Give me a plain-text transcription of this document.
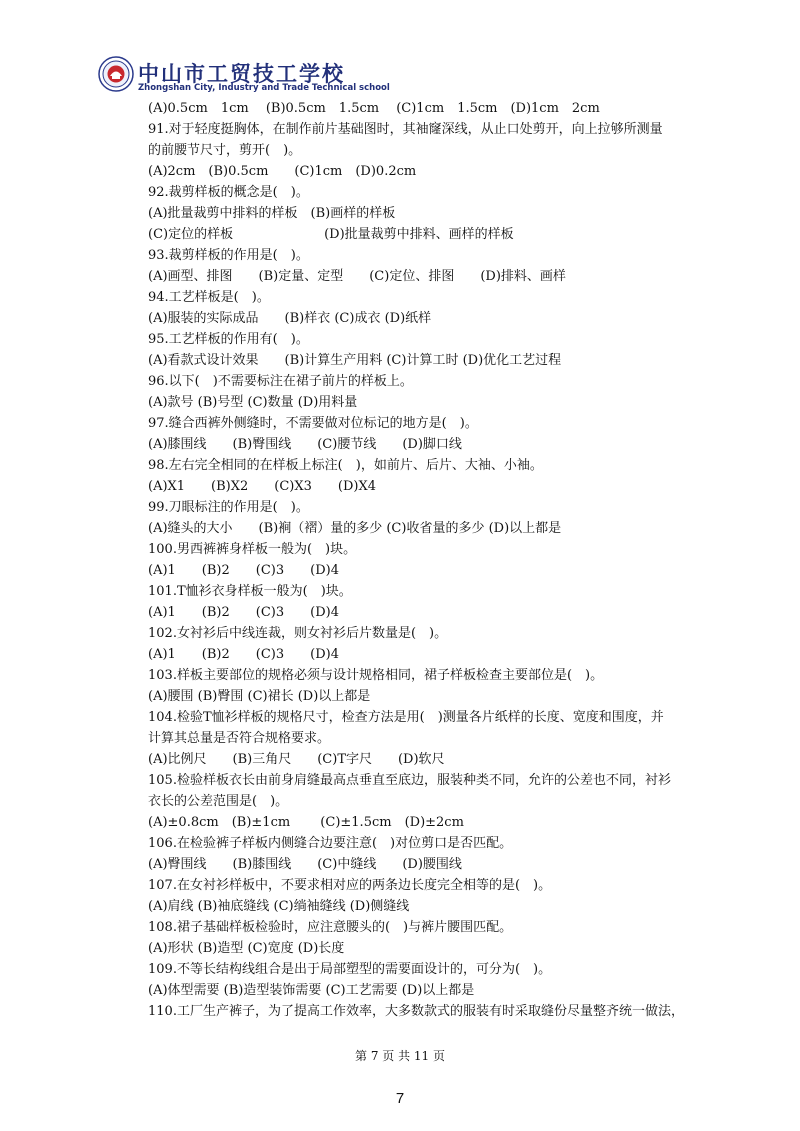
中山市工贸技工学校
Zhongshan City, Industry and Trade Technical school
(A)0.5cm　1cm　 (B)0.5cm　1.5cm　 (C)1cm　1.5cm　(D)1cm　2cm
91.对于轻度挺胸体，在制作前片基础图时，其袖窿深线，从止口处剪开，向上拉够所测量
的前腰节尺寸，剪开(　)。
(A)2cm　(B)0.5cm　　(C)1cm　(D)0.2cm
92.裁剪样板的概念是(　)。
(A)批量裁剪中排料的样板　(B)画样的样板
(C)定位的样板　　　　　　　(D)批量裁剪中排料、画样的样板
93.裁剪样板的作用是(　)。
(A)画型、排图　　(B)定量、定型　　(C)定位、排图　　(D)排料、画样
94.工艺样板是(　)。
(A)服装的实际成品　　(B)样衣 (C)成衣 (D)纸样
95.工艺样板的作用有(　)。
(A)看款式设计效果　　(B)计算生产用料 (C)计算工时 (D)优化工艺过程
96.以下(　)不需要标注在裙子前片的样板上。
(A)款号 (B)号型 (C)数量 (D)用料量
97.缝合西裤外侧缝时，不需要做对位标记的地方是(　)。
(A)膝围线　　(B)臀围线　　(C)腰节线　　(D)脚口线
98.左右完全相同的在样板上标注(　)，如前片、后片、大袖、小袖。
(A)X1　　(B)X2　　(C)X3　　(D)X4
99.刀眼标注的作用是(　)。
(A)缝头的大小　　(B)裥（褶）量的多少 (C)收省量的多少 (D)以上都是
100.男西裤裤身样板一般为(　)块。
(A)1　　(B)2　　(C)3　　(D)4
101.T恤衫衣身样板一般为(　)块。
(A)1　　(B)2　　(C)3　　(D)4
102.女衬衫后中线连裁，则女衬衫后片数量是(　)。
(A)1　　(B)2　　(C)3　　(D)4
103.样板主要部位的规格必须与设计规格相同，裙子样板检查主要部位是(　)。
(A)腰围 (B)臀围 (C)裙长 (D)以上都是
104.检验T恤衫样板的规格尺寸，检查方法是用(　)测量各片纸样的长度、宽度和围度，并
计算其总量是否符合规格要求。
(A)比例尺　　(B)三角尺　　(C)T字尺　　(D)软尺
105.检验样板衣长由前身肩缝最高点垂直至底边，服装种类不同，允许的公差也不同，衬衫
衣长的公差范围是(　)。
(A)±0.8cm　(B)±1cm　　 (C)±1.5cm　(D)±2cm
106.在检验裤子样板内侧缝合边要注意(　)对位剪口是否匹配。
(A)臀围线　　(B)膝围线　　(C)中缝线　　(D)腰围线
107.在女衬衫样板中，不要求相对应的两条边长度完全相等的是(　)。
(A)肩线 (B)袖底缝线 (C)绱袖缝线 (D)侧缝线
108.裙子基础样板检验时，应注意腰头的(　)与裤片腰围匹配。
(A)形状 (B)造型 (C)宽度 (D)长度
109.不等长结构线组合是出于局部塑型的需要面设计的，可分为(　)。
(A)体型需要 (B)造型装饰需要 (C)工艺需要 (D)以上都是
110.工厂生产裤子，为了提高工作效率，大多数款式的服装有时采取缝份尽量整齐统一做法，
第 7 页 共 11 页
7
